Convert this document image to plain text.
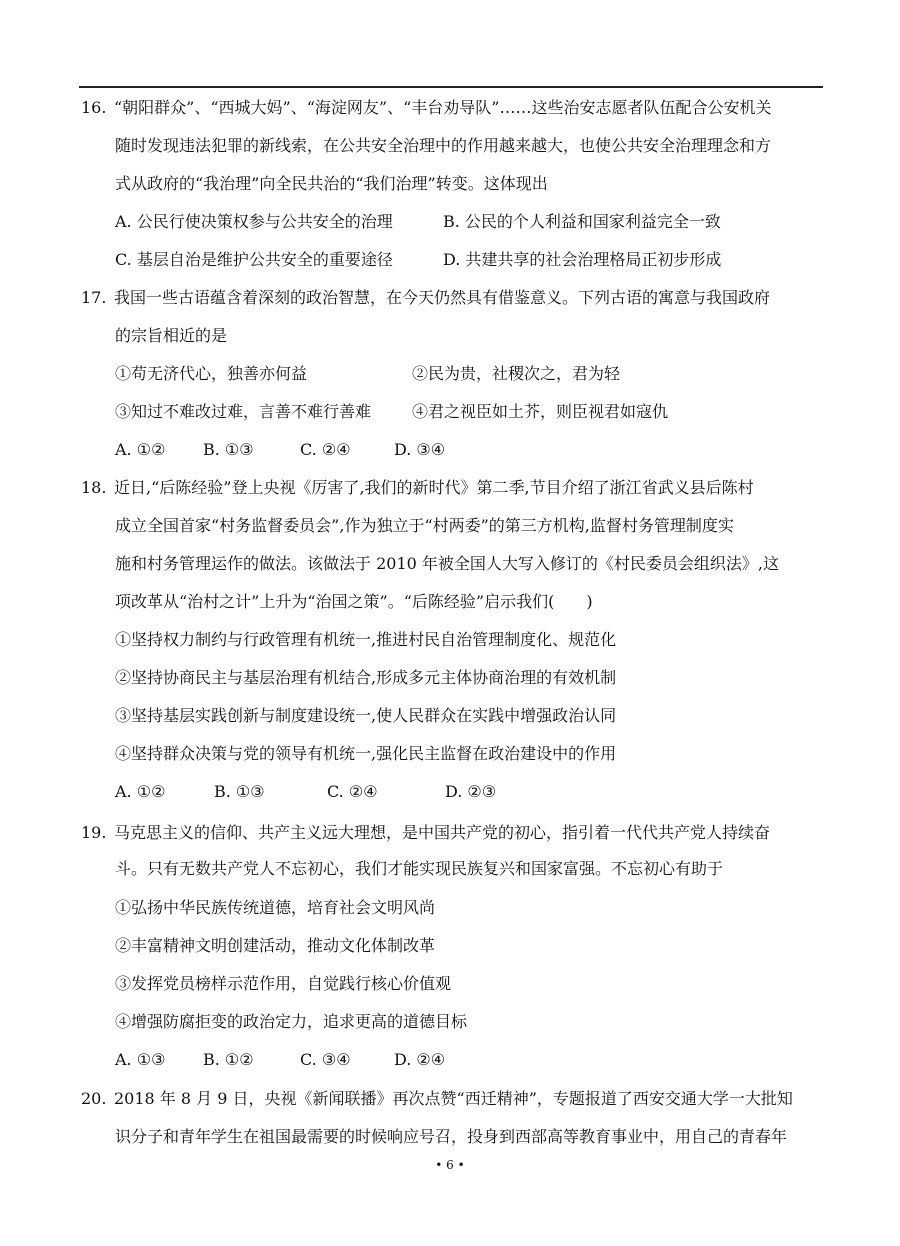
16. “朝阳群众”、“西城大妈”、“海淀网友”、“丰台劝导队”……这些治安志愿者队伍配合公安机关
随时发现违法犯罪的新线索，在公共安全治理中的作用越来越大，也使公共安全治理理念和方
式从政府的“我治理”向全民共治的“我们治理”转变。这体现出
A. 公民行使决策权参与公共安全的治理	B. 公民的个人利益和国家利益完全一致
C. 基层自治是维护公共安全的重要途径	D. 共建共享的社会治理格局正初步形成
17. 我国一些古语蕴含着深刻的政治智慧，在今天仍然具有借鉴意义。下列古语的寓意与我国政府
的宗旨相近的是
①苟无济代心，独善亦何益	②民为贵，社稷次之，君为轻
③知过不难改过难，言善不难行善难	④君之视臣如土芥，则臣视君如寇仇
A. ①② B. ①③	C. ②④	D. ③④
18. 近日,“后陈经验”登上央视《厉害了,我们的新时代》第二季,节目介绍了浙江省武义县后陈村
成立全国首家“村务监督委员会”,作为独立于“村两委”的第三方机构,监督村务管理制度实
施和村务管理运作的做法。该做法于 2010 年被全国人大写入修订的《村民委员会组织法》,这
项改革从“治村之计”上升为“治国之策”。“后陈经验”启示我们(　　)
①坚持权力制约与行政管理有机统一,推进村民自治管理制度化、规范化
②坚持协商民主与基层治理有机结合,形成多元主体协商治理的有效机制
③坚持基层实践创新与制度建设统一,使人民群众在实践中增强政治认同
④坚持群众决策与党的领导有机统一,强化民主监督在政治建设中的作用
A. ①②	B. ①③	C. ②④	D. ②③
19. 马克思主义的信仰、共产主义远大理想，是中国共产党的初心，指引着一代代共产党人持续奋
斗。只有无数共产党人不忘初心，我们才能实现民族复兴和国家富强。不忘初心有助于
①弘扬中华民族传统道德，培育社会文明风尚
②丰富精神文明创建活动，推动文化体制改革
③发挥党员榜样示范作用，自觉践行核心价值观
④增强防腐拒变的政治定力，追求更高的道德目标
A. ①③ B. ①②	C. ③④	D. ②④
20. 2018 年 8 月 9 日，央视《新闻联播》再次点赞“西迁精神”，专题报道了西安交通大学一大批知
识分子和青年学生在祖国最需要的时候响应号召，投身到西部高等教育事业中，用自己的青春年
• 6 •
